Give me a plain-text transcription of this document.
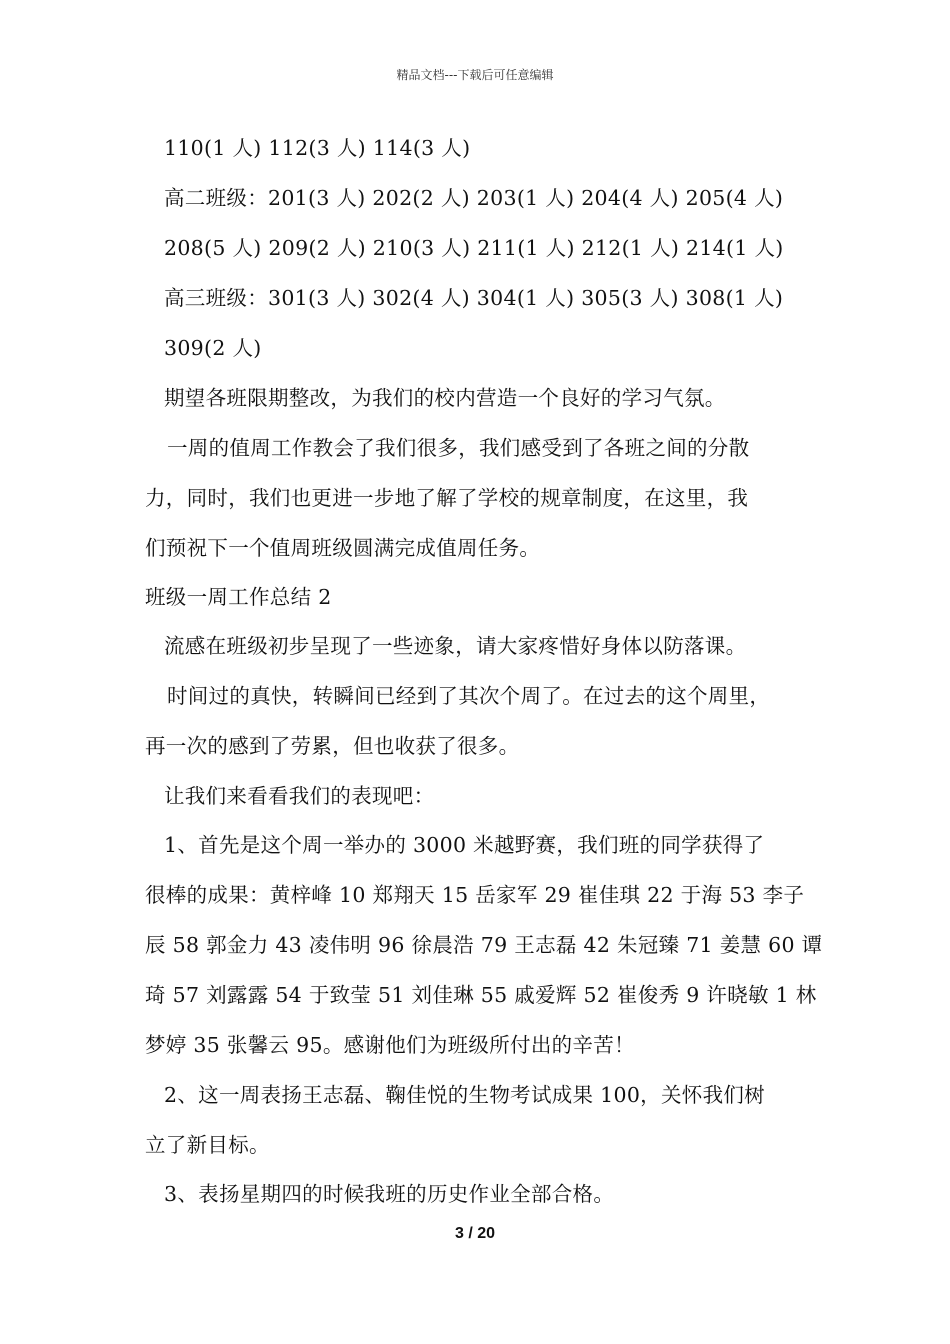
精品文档---下载后可任意编辑
110(1 人) 112(3 人) 114(3 人)
高二班级：201(3 人) 202(2 人) 203(1 人) 204(4 人) 205(4 人)
208(5 人) 209(2 人) 210(3 人) 211(1 人) 212(1 人) 214(1 人)
高三班级：301(3 人) 302(4 人) 304(1 人) 305(3 人) 308(1 人)
309(2 人)
期望各班限期整改，为我们的校内营造一个良好的学习气氛。
一周的值周工作教会了我们很多，我们感受到了各班之间的分散
力，同时，我们也更进一步地了解了学校的规章制度，在这里，我
们预祝下一个值周班级圆满完成值周任务。
班级一周工作总结 2
流感在班级初步呈现了一些迹象，请大家疼惜好身体以防落课。
时间过的真快，转瞬间已经到了其次个周了。在过去的这个周里，
再一次的感到了劳累，但也收获了很多。
让我们来看看我们的表现吧：
1、首先是这个周一举办的 3000 米越野赛，我们班的同学获得了
很棒的成果：黄梓峰 10 郑翔天 15 岳家军 29 崔佳琪 22 于海 53 李子
辰 58 郭金力 43 凌伟明 96 徐晨浩 79 王志磊 42 朱冠臻 71 姜慧 60 谭
琦 57 刘露露 54 于致莹 51 刘佳琳 55 戚爱辉 52 崔俊秀 9 许晓敏 1 林
梦婷 35 张馨云 95。感谢他们为班级所付出的辛苦！
2、这一周表扬王志磊、鞠佳悦的生物考试成果 100，关怀我们树
立了新目标。
3、表扬星期四的时候我班的历史作业全部合格。
3 / 20
